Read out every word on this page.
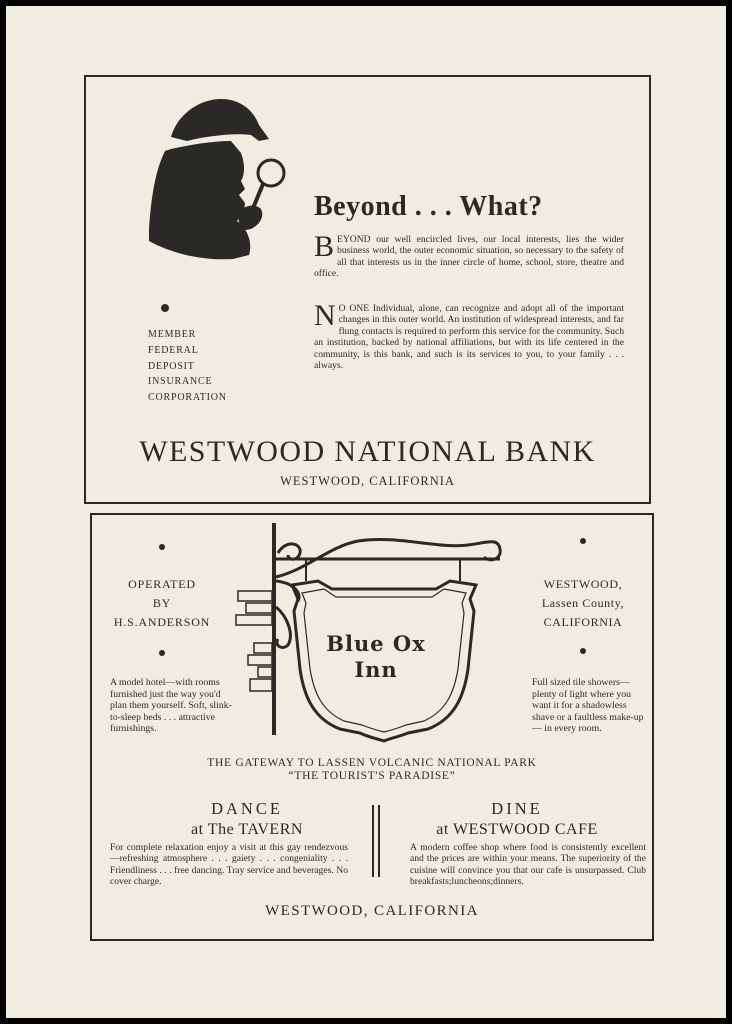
Beyond . . . What?

BEYOND our well encircled lives, our local interests, lies the wider business world, the outer economic situation, so necessary to the safety of all that interests us in the inner circle of home, school, store, theatre and office.

N O ONE Individual, alone, can recognize and adopt all of the important changes in this outer world. An institution of widespread interests, and far flung contacts is required to perform this service for the community. Such an institution, backed by national affiliations, but with its life centered in the community, is this bank, and such is its services to you, to your family . . . always.

MEMBER
FEDERAL
DEPOSIT
INSURANCE
CORPORATION
WESTWOOD NATIONAL BANK
WESTWOOD, CALIFORNIA
OPERATED
BY
H.S.ANDERSON
WESTWOOD,
Lassen County,
CALIFORNIA
Blue Ox
Inn

A model hotel—with rooms furnished just the way you'd plan them yourself. Soft, slink-to-sleep beds . . . attractive furnishings.

Full sized tile showers—plenty of light where you want it for a shadowless shave or a faultless make-up — in every room.

THE GATEWAY TO LASSEN VOLCANIC NATIONAL PARK
“THE TOURIST'S PARADISE”
DANCE
at The TAVERN

For complete relaxation enjoy a visit at this gay rendezvous—refreshing atmosphere . . . gaiety . . . congeniality . . . Friendliness . . . free dancing. Tray service and beverages. No cover charge.

DINE
at WESTWOOD CAFE

A modern coffee shop where food is consistently excellent and the prices are within your means. The superiority of the cuisine will convince you that our cafe is unsurpassed. Club breakfasts;luncheons;dinners.

WESTWOOD, CALIFORNIA
